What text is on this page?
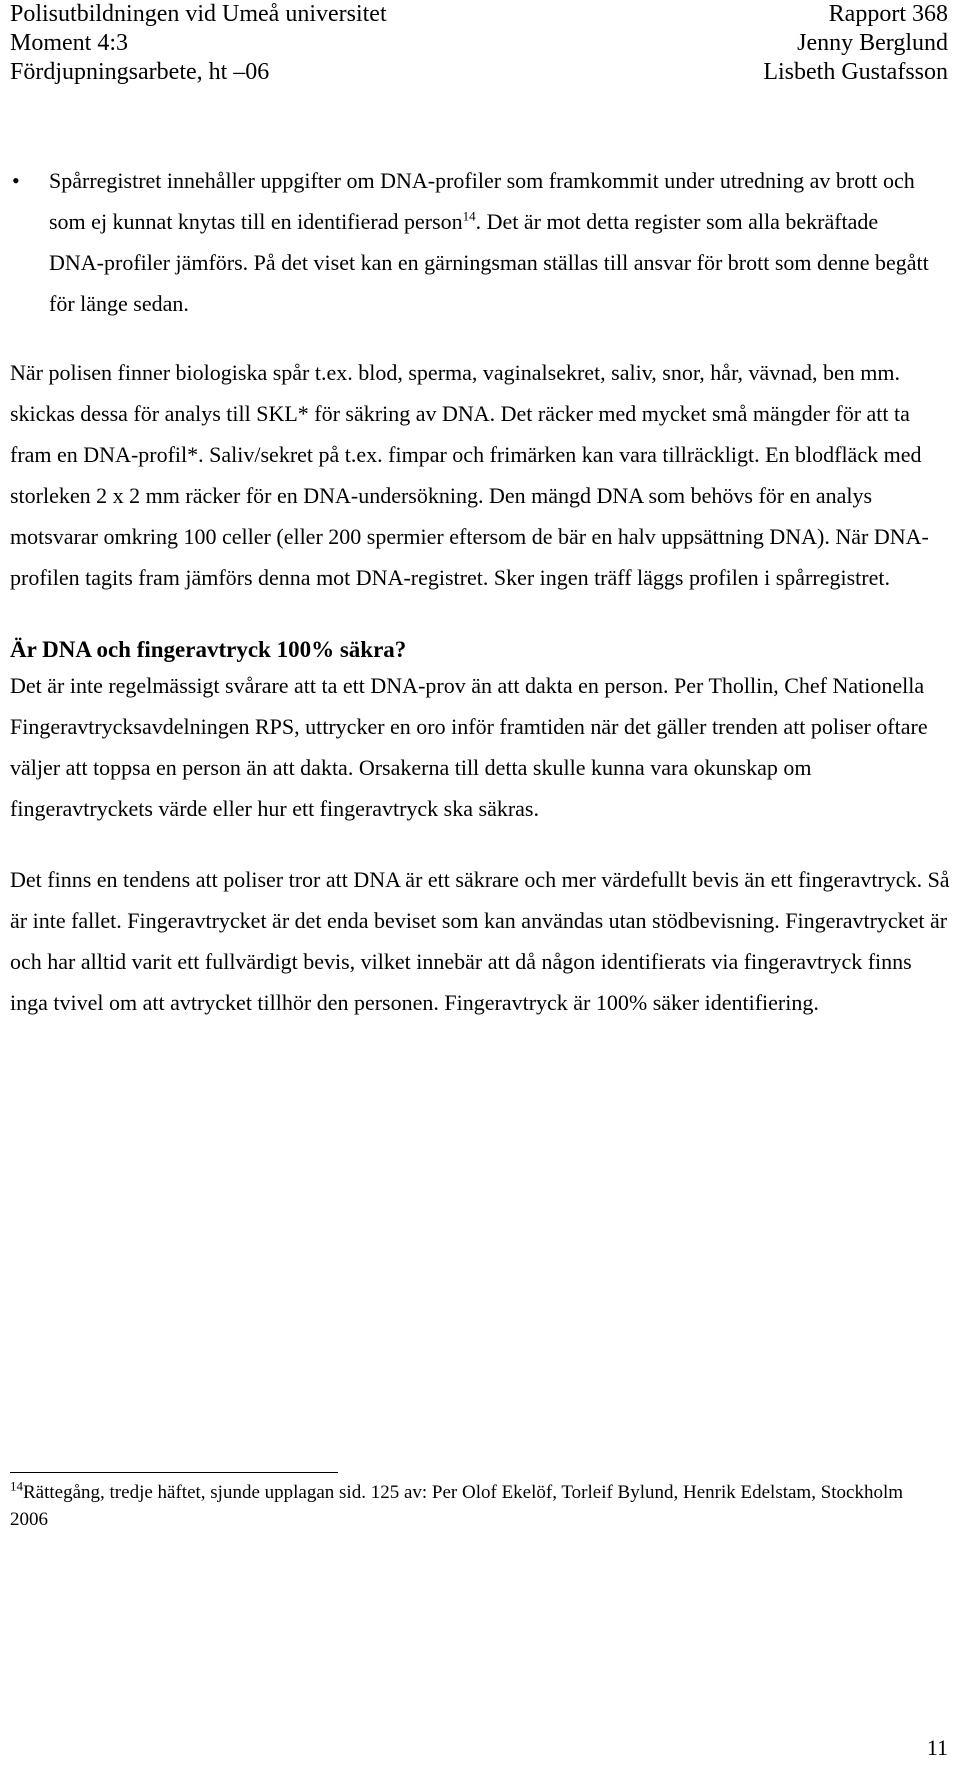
Polisutbildningen vid Umeå universitet	Rapport 368
Moment 4:3	Jenny Berglund
Fördjupningsarbete, ht –06	Lisbeth Gustafsson
•	Spårregistret innehåller uppgifter om DNA-profiler som framkommit under utredning av brott och som ej kunnat knytas till en identifierad person$^{14}$. Det är mot detta register som alla bekräftade DNA-profiler jämförs. På det viset kan en gärningsman ställas till ansvar för brott som denne begått för länge sedan.
När polisen finner biologiska spår t.ex. blod, sperma, vaginalsekret, saliv, snor, hår, vävnad, ben mm. skickas dessa för analys till SKL* för säkring av DNA. Det räcker med mycket små mängder för att ta fram en DNA-profil*. Saliv/sekret på t.ex. fimpar och frimärken kan vara tillräckligt. En blodfläck med storleken 2 x 2 mm räcker för en DNA-undersökning. Den mängd DNA som behövs för en analys motsvarar omkring 100 celler (eller 200 spermier eftersom de bär en halv uppsättning DNA). När DNA-profilen tagits fram jämförs denna mot DNA-registret. Sker ingen träff läggs profilen i spårregistret.
Är DNA och fingeravtryck 100% säkra?
Det är inte regelmässigt svårare att ta ett DNA-prov än att dakta en person. Per Thollin, Chef Nationella Fingeravtrycksavdelningen RPS, uttrycker en oro inför framtiden när det gäller trenden att poliser oftare väljer att toppsa en person än att dakta. Orsakerna till detta skulle kunna vara okunskap om fingeravtryckets värde eller hur ett fingeravtryck ska säkras.
Det finns en tendens att poliser tror att DNA är ett säkrare och mer värdefullt bevis än ett fingeravtryck. Så är inte fallet. Fingeravtrycket är det enda beviset som kan användas utan stödbevisning. Fingeravtrycket är och har alltid varit ett fullvärdigt bevis, vilket innebär att då någon identifierats via fingeravtryck finns inga tvivel om att avtrycket tillhör den personen. Fingeravtryck är 100% säker identifiering.
$^{14}$Rättegång, tredje häftet, sjunde upplagan sid. 125 av: Per Olof Ekelöf, Torleif Bylund, Henrik Edelstam, Stockholm 2006
11
